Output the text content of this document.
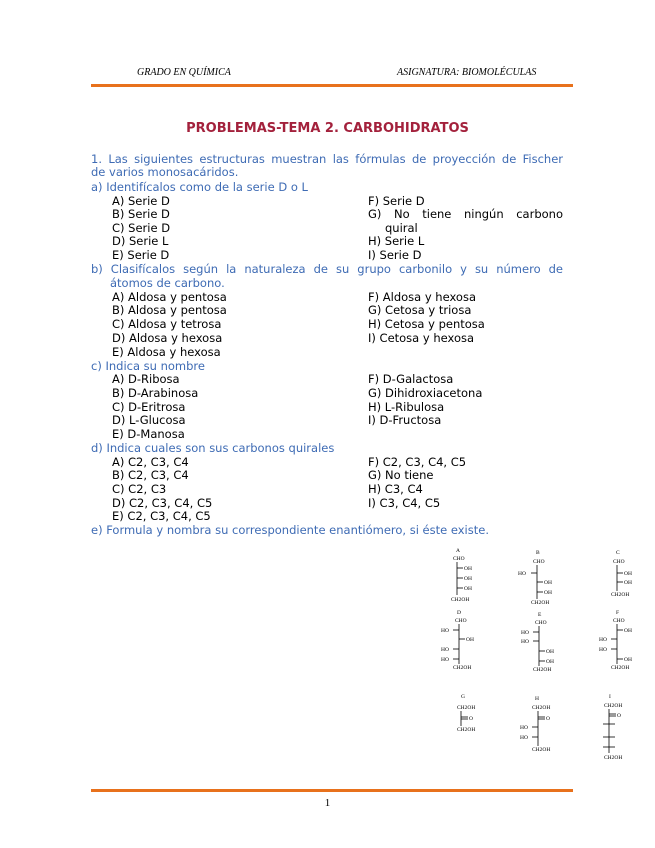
GRADO EN QUÍMICA	ASIGNATURA: BIOMOLÉCULAS
PROBLEMAS-TEMA 2. CARBOHIDRATOS
1. Las siguientes estructuras muestran las fórmulas de proyección de Fischer
de varios monosacáridos.
a) Identifícalos como de la serie D o L
A) Serie D
B) Serie D
C) Serie D
D) Serie L
E) Serie D
F) Serie D
G) No tiene ningún carbono
quiral
H) Serie L
I) Serie D
b) Clasifícalos según la naturaleza de su grupo carbonilo y su número de
átomos de carbono.
A) Aldosa y pentosa
B) Aldosa y pentosa
C) Aldosa y tetrosa
D) Aldosa y hexosa
E) Aldosa y hexosa
F) Aldosa y hexosa
G) Cetosa y triosa
H) Cetosa y pentosa
I) Cetosa y hexosa
c) Indica su nombre
A) D-Ribosa
B) D-Arabinosa
C) D-Eritrosa
D) L-Glucosa
E) D-Manosa
F) D-Galactosa
G) Dihidroxiacetona
H) L-Ribulosa
I) D-Fructosa
d) Indica cuales son sus carbonos quirales
A) C2, C3, C4
B) C2, C3, C4
C) C2, C3
D) C2, C3, C4, C5
E) C2, C3, C4, C5
F) C2, C3, C4, C5
G) No tiene
H) C3, C4
I) C3, C4, C5
e) Formula y nombra su correspondiente enantiómero, si éste existe.
A
CHO
OH
OH
OH
CH2OH
B
CHO
HO
OH
OH
CH2OH
C
CHO
OH
OH
CH2OH
D
CHO
HO
OH
HO
HO
CH2OH
E
CHO
HO
HO
OH
OH
CH2OH
F
CHO
OH
HO
HO
OH
CH2OH
G
CH2OH
O
CH2OH
H
CH2OH
O
HO
HO
CH2OH
I
CH2OH
O
CH2OH
1
